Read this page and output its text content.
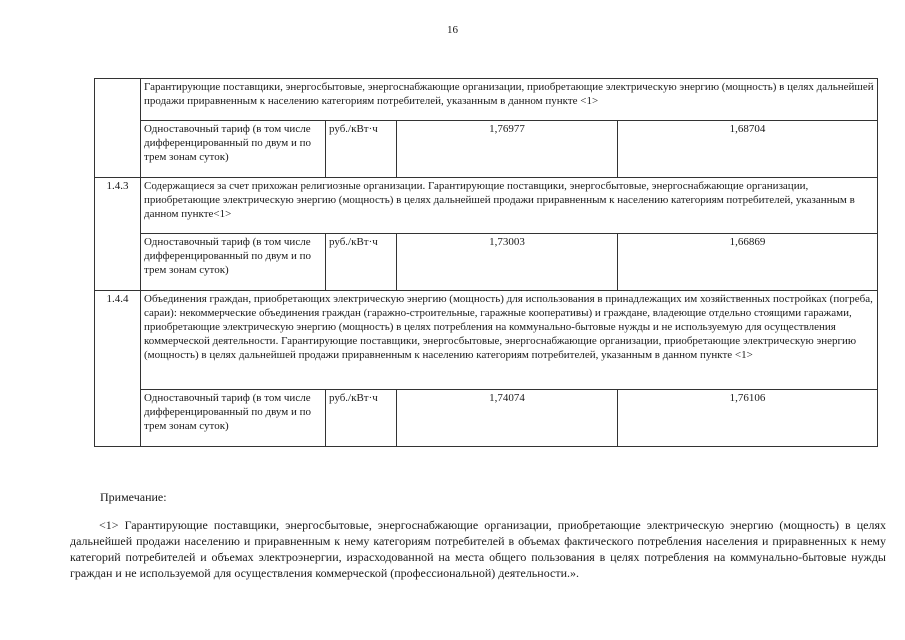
16
	Гарантирующие поставщики, энергосбытовые, энергоснабжающие организации, приобретающие электрическую энергию (мощность) в целях дальнейшей продажи приравненным к населению категориям потребителей, указанным в данном пункте <1>			
	Одноставочный тариф (в том числе дифференцированный по двум и по трем зонам суток)	руб./кВт·ч	1,76977	1,68704
1.4.3	Содержащиеся за счет прихожан религиозные организации. Гарантирующие поставщики, энергосбытовые, энергоснабжающие организации, приобретающие электрическую энергию (мощность) в целях дальнейшей продажи приравненным к населению категориям потребителей, указанным в данном пункте<1>			
	Одноставочный тариф (в том числе дифференцированный по двум и по трем зонам суток)	руб./кВт·ч	1,73003	1,66869
1.4.4	Объединения граждан, приобретающих электрическую энергию (мощность) для использования в принадлежащих им хозяйственных постройках (погреба, сараи): некоммерческие объединения граждан (гаражно-строительные, гаражные кооперативы) и граждане, владеющие отдельно стоящими гаражами, приобретающие электрическую энергию (мощность) в целях потребления на коммунально-бытовые нужды и не используемую для осуществления коммерческой деятельности. Гарантирующие поставщики, энергосбытовые, энергоснабжающие организации, приобретающие электрическую энергию (мощность) в целях дальнейшей продажи приравненным к населению категориям потребителей, указанным в данном пункте <1>			
	Одноставочный тариф (в том числе дифференцированный по двум и по трем зонам суток)	руб./кВт·ч	1,74074	1,76106
Примечание:

<1> Гарантирующие поставщики, энергосбытовые, энергоснабжающие организации, приобретающие электрическую энергию (мощность) в целях дальнейшей продажи населению и приравненным к нему категориям потребителей в объемах фактического потребления населения и приравненных к нему категорий потребителей и объемах электроэнергии, израсходованной на места общего пользования в целях потребления на коммунально-бытовые нужды граждан и не используемой для осуществления коммерческой (профессиональной) деятельности.».
